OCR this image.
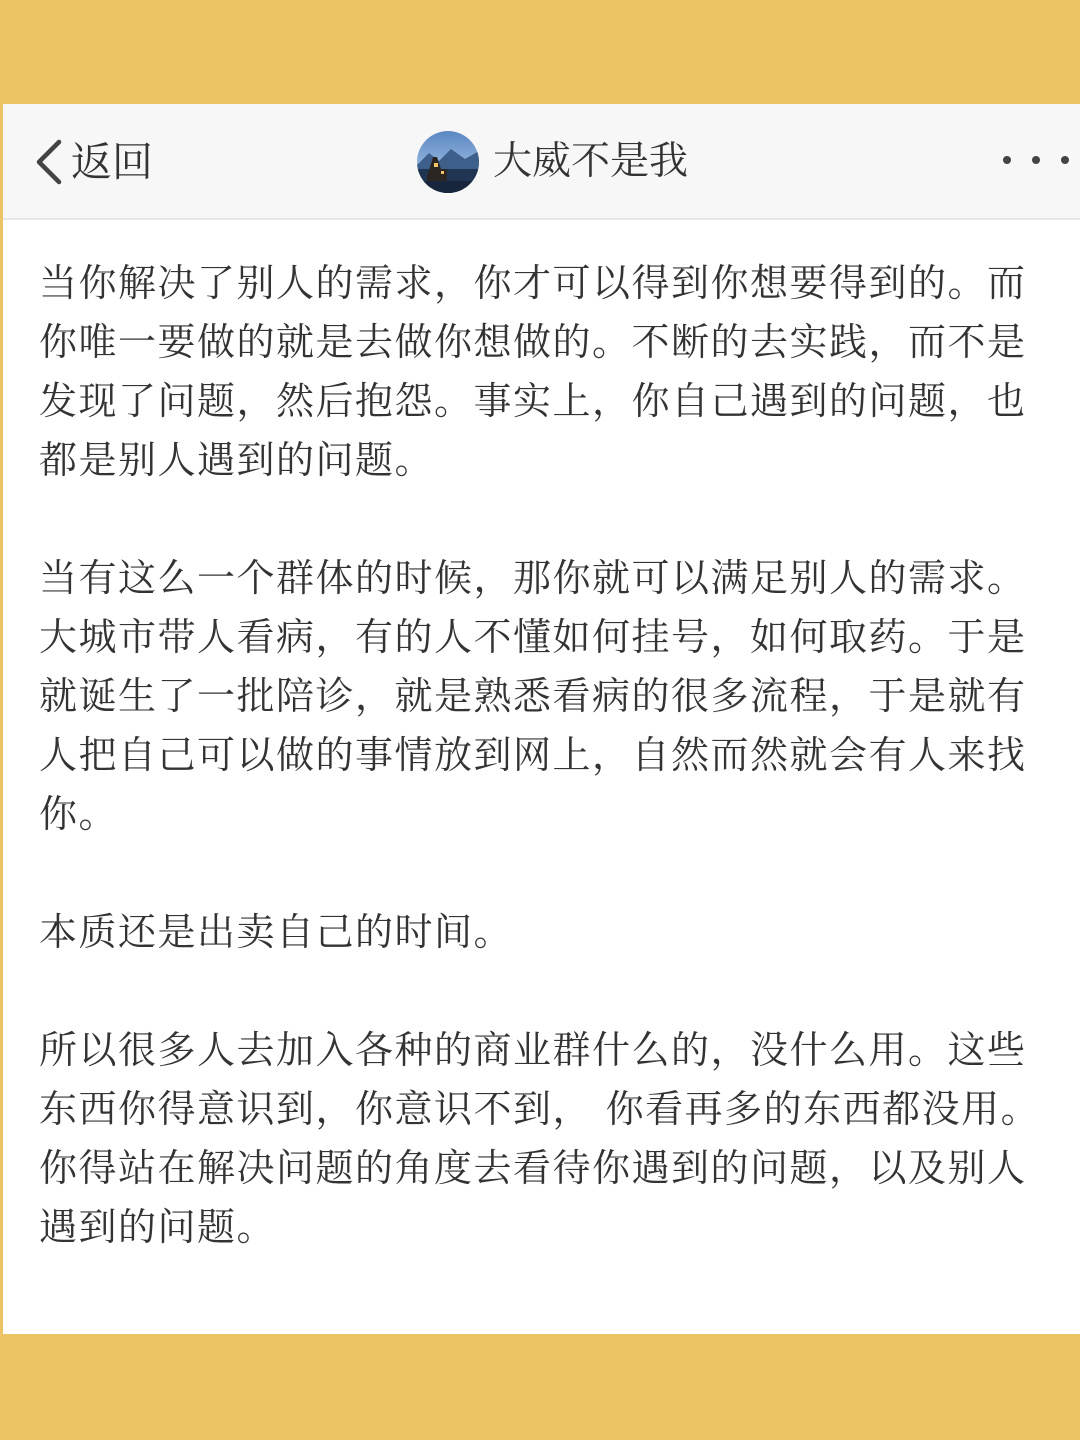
返回	大威不是我

当你解决了别人的需求，你才可以得到你想要得到的。而你唯一要做的就是去做你想做的。不断的去实践，而不是发现了问题，然后抱怨。事实上，你自己遇到的问题，也都是别人遇到的问题。

当有这么一个群体的时候，那你就可以满足别人的需求。大城市带人看病，有的人不懂如何挂号，如何取药。于是就诞生了一批陪诊，就是熟悉看病的很多流程，于是就有人把自己可以做的事情放到网上，自然而然就会有人来找你。

本质还是出卖自己的时间。

所以很多人去加入各种的商业群什么的，没什么用。这些东西你得意识到，你意识不到， 你看再多的东西都没用。你得站在解决问题的角度去看待你遇到的问题，以及别人遇到的问题。
